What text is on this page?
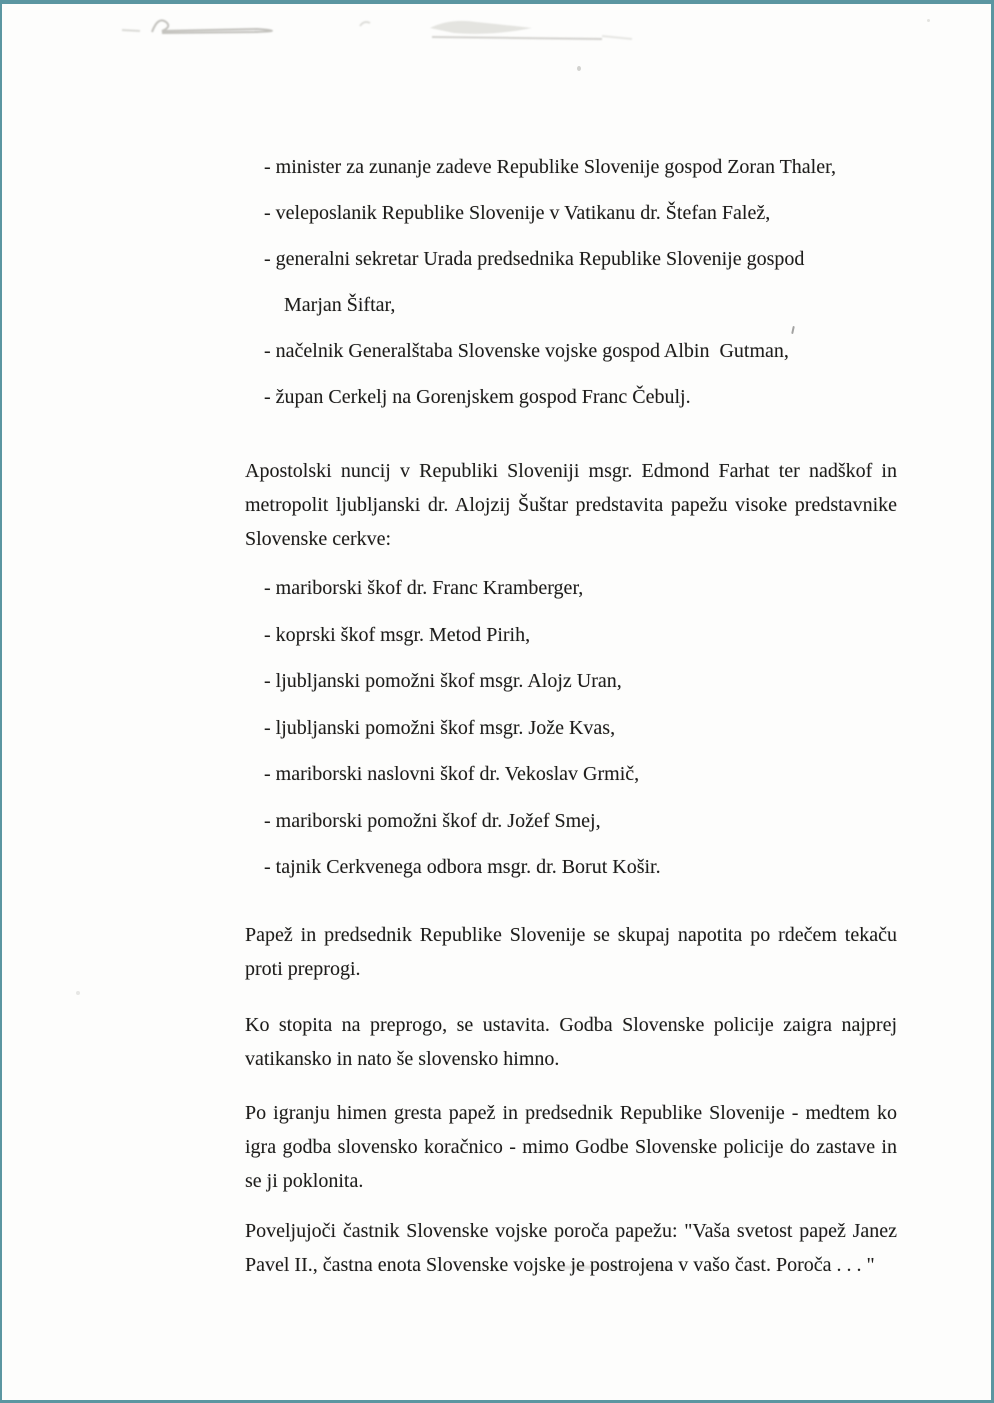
- minister za zunanje zadeve Republike Slovenije gospod Zoran Thaler,
- veleposlanik Republike Slovenije v Vatikanu dr. Štefan Falež,
- generalni sekretar Urada predsednika Republike Slovenije gospod
Marjan Šiftar,
- načelnik Generalštaba Slovenske vojske gospod Albin  Gutman,
- župan Cerkelj na Gorenjskem gospod Franc Čebulj.
Apostolski nuncij v Republiki Sloveniji msgr. Edmond Farhat ter nadškof in metropolit ljubljanski dr. Alojzij Šuštar predstavita papežu visoke predstavnike Slovenske cerkve:
- mariborski škof dr. Franc Kramberger,
- koprski škof msgr. Metod Pirih,
- ljubljanski pomožni škof msgr. Alojz Uran,
- ljubljanski pomožni škof msgr. Jože Kvas,
- mariborski naslovni škof dr. Vekoslav Grmič,
- mariborski pomožni škof dr. Jožef Smej,
- tajnik Cerkvenega odbora msgr. dr. Borut Košir.
Papež in predsednik Republike Slovenije se skupaj napotita po rdečem tekaču proti preprogi.
Ko stopita na preprogo, se ustavita. Godba Slovenske policije zaigra najprej vatikansko in nato še slovensko himno.
Po igranju himen gresta papež in predsednik Republike Slovenije - medtem ko igra godba slovensko koračnico - mimo Godbe Slovenske policije do zastave in se ji poklonita.
Poveljujoči častnik Slovenske vojske poroča papežu: "Vaša svetost papež Janez Pavel II., častna enota Slovenske vojske je postrojena v vašo čast. Poroča . . . "
